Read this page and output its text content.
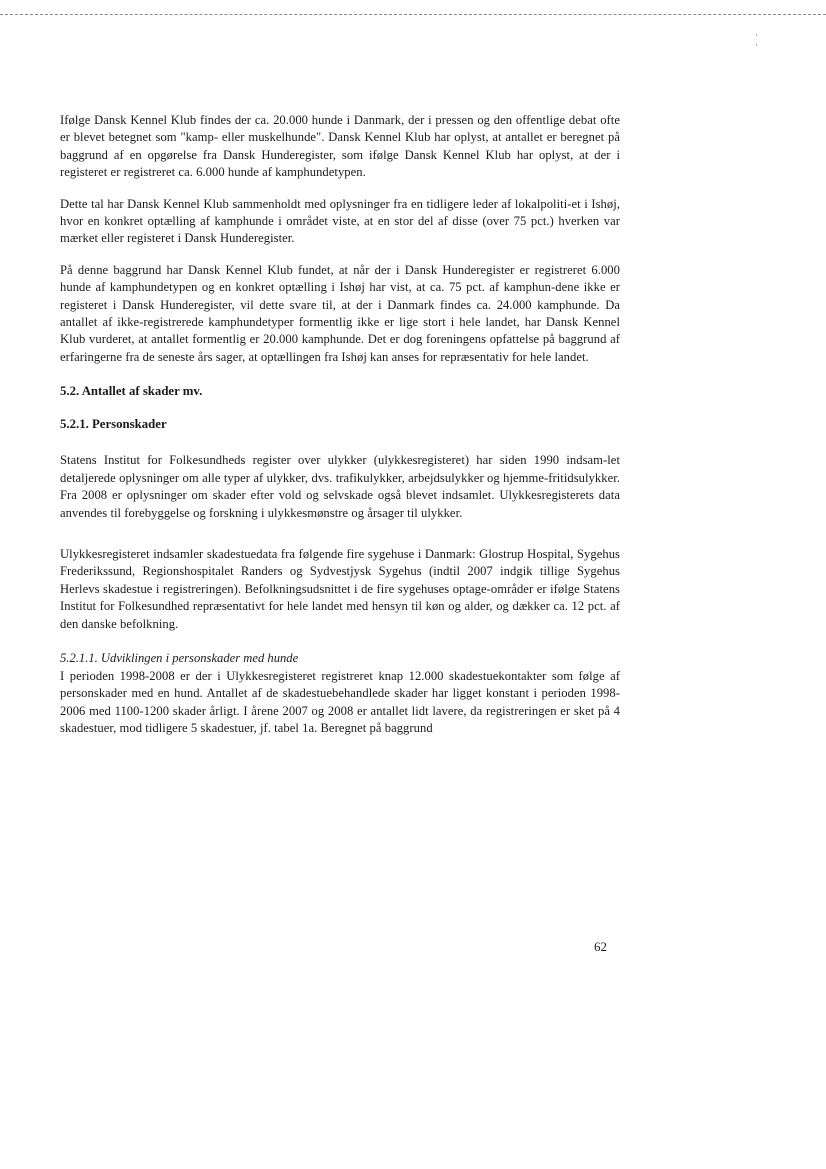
· ·

Ifølge Dansk Kennel Klub findes der ca. 20.000 hunde i Danmark, der i pressen og den offentlige debat ofte er blevet betegnet som "kamp- eller muskelhunde". Dansk Kennel Klub har oplyst, at antallet er beregnet på baggrund af en opgørelse fra Dansk Hunderegister, som ifølge Dansk Kennel Klub har oplyst, at der i registeret er registreret ca. 6.000 hunde af kamphundetypen.

Dette tal har Dansk Kennel Klub sammenholdt med oplysninger fra en tidligere leder af lokalpoliti-et i Ishøj, hvor en konkret optælling af kamphunde i området viste, at en stor del af disse (over 75 pct.) hverken var mærket eller registeret i Dansk Hunderegister.

På denne baggrund har Dansk Kennel Klub fundet, at når der i Dansk Hunderegister er registreret 6.000 hunde af kamphundetypen og en konkret optælling i Ishøj har vist, at ca. 75 pct. af kamphun-dene ikke er registeret i Dansk Hunderegister, vil dette svare til, at der i Danmark findes ca. 24.000 kamphunde. Da antallet af ikke-registrerede kamphundetyper formentlig ikke er lige stort i hele landet, har Dansk Kennel Klub vurderet, at antallet formentlig er 20.000 kamphunde. Det er dog foreningens opfattelse på baggrund af erfaringerne fra de seneste års sager, at optællingen fra Ishøj kan anses for repræsentativ for hele landet.

5.2. Antallet af skader mv.

5.2.1. Personskader

Statens Institut for Folkesundheds register over ulykker (ulykkesregisteret) har siden 1990 indsam-let detaljerede oplysninger om alle typer af ulykker, dvs. trafikulykker, arbejdsulykker og hjemme-fritidsulykker. Fra 2008 er oplysninger om skader efter vold og selvskade også blevet indsamlet. Ulykkesregisterets data anvendes til forebyggelse og forskning i ulykkesmønstre og årsager til ulykker.

Ulykkesregisteret indsamler skadestuedata fra følgende fire sygehuse i Danmark: Glostrup Hospital, Sygehus Frederikssund, Regionshospitalet Randers og Sydvestjysk Sygehus (indtil 2007 indgik tillige Sygehus Herlevs skadestue i registreringen). Befolkningsudsnittet i de fire sygehuses optage-områder er ifølge Statens Institut for Folkesundhed repræsentativt for hele landet med hensyn til køn og alder, og dækker ca. 12 pct. af den danske befolkning.

5.2.1.1. Udviklingen i personskader med hunde

I perioden 1998-2008 er der i Ulykkesregisteret registreret knap 12.000 skadestuekontakter som følge af personskader med en hund. Antallet af de skadestuebehandlede skader har ligget konstant i perioden 1998-2006 med 1100-1200 skader årligt. I årene 2007 og 2008 er antallet lidt lavere, da registreringen er sket på 4 skadestuer, mod tidligere 5 skadestuer, jf. tabel 1a. Beregnet på baggrund

62
